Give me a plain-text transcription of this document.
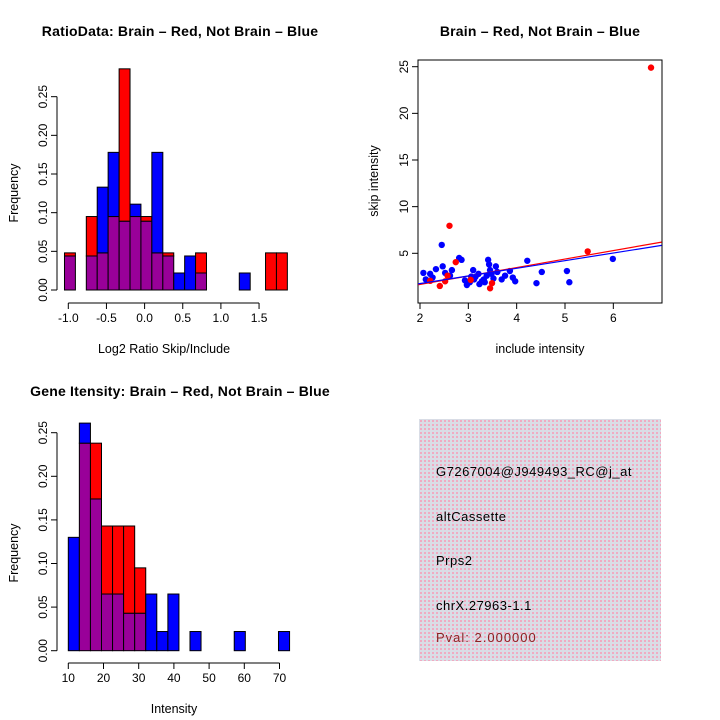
0.00
0.05
0.10
0.15
0.20
0.25
-1.0 -0.5 0.0 0.5 1.0 1.5
RatioData: Brain – Red, Not Brain – Blue
Frequency
Log2 Ratio Skip/Include
2	3	4	5	6
5
10
15
20
25
Brain – Red, Not Brain – Blue
skip intensity
include intensity
0.00
0.05
0.10
0.15
0.20
0.25
10 20 30 40 50 60 70
Gene Itensity: Brain – Red, Not Brain – Blue
Frequency
Intensity
G7267004@J949493_RC@j_at
altCassette
Prps2
chrX.27963-1.1
Pval: 2.000000
